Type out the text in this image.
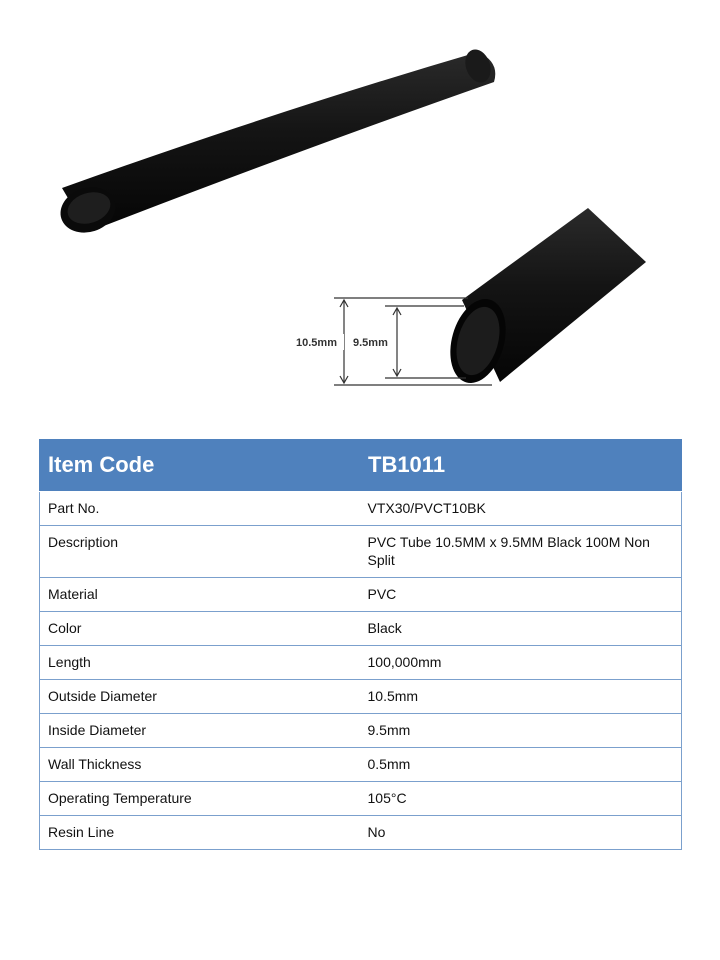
10.5mm 9.5mm
Item Code	TB1011
Part No.	VTX30/PVCT10BK
Description	PVC Tube 10.5MM x 9.5MM Black 100M Non Split
Material	PVC
Color	Black
Length	100,000mm
Outside Diameter	10.5mm
Inside Diameter	9.5mm
Wall Thickness	0.5mm
Operating Temperature	105°C
Resin Line	No
